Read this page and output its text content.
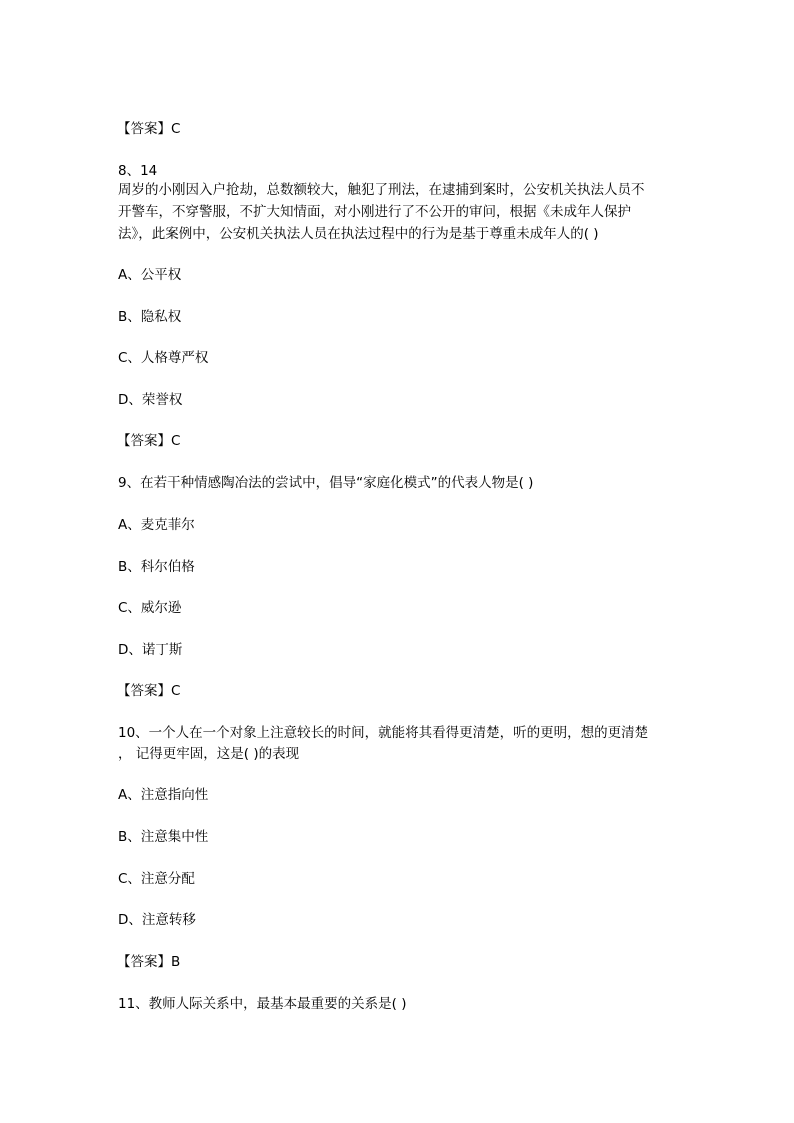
【答案】C
8、14
周岁的小刚因入户抢劫，总数额较大，触犯了刑法，在逮捕到案时，公安机关执法人员不
开警车，不穿警服，不扩大知情面，对小刚进行了不公开的审问，根据《未成年人保护
法》，此案例中，公安机关执法人员在执法过程中的行为是基于尊重未成年人的( )
A、公平权
B、隐私权
C、人格尊严权
D、荣誉权
【答案】C
9、在若干种情感陶冶法的尝试中，倡导“家庭化模式”的代表人物是( )
A、麦克菲尔
B、科尔伯格
C、威尔逊
D、诺丁斯
【答案】C
10、一个人在一个对象上注意较长的时间，就能将其看得更清楚，听的更明，想的更清楚
， 记得更牢固，这是( )的表现
A、注意指向性
B、注意集中性
C、注意分配
D、注意转移
【答案】B
11、教师人际关系中，最基本最重要的关系是( )
